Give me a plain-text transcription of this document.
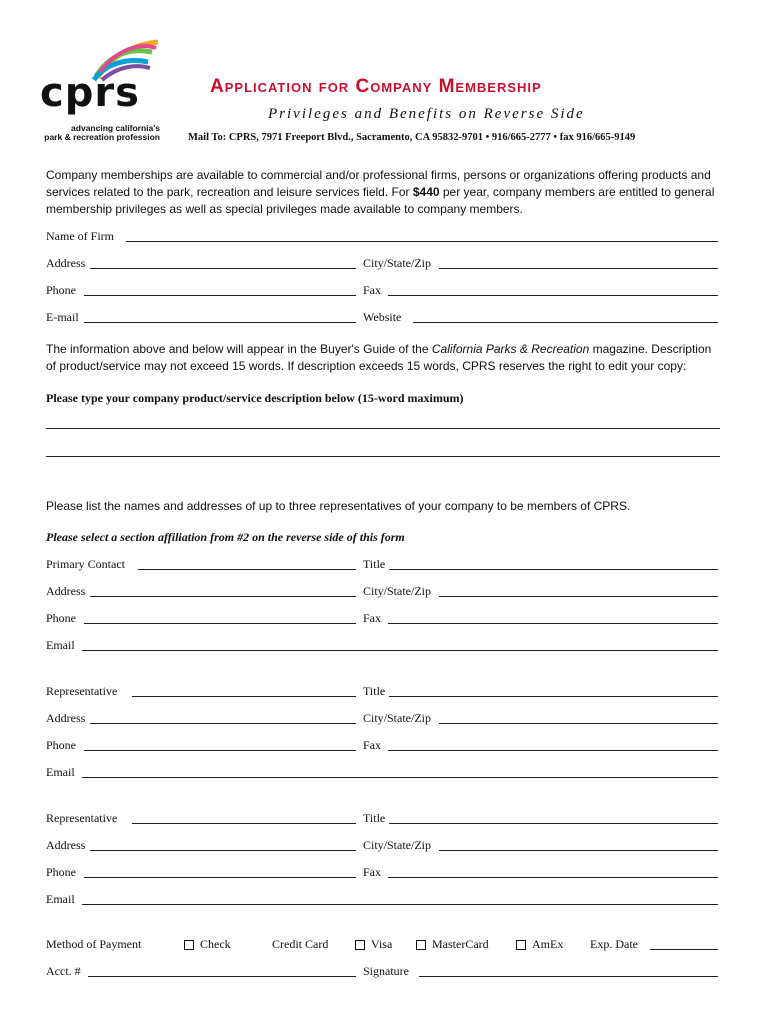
cprs
advancing california's
park & recreation profession
Application for Company Membership
Privileges and Benefits on Reverse Side
Mail To: CPRS, 7971 Freeport Blvd., Sacramento, CA 95832-9701 • 916/665-2777 • fax 916/665-9149
Company memberships are available to commercial and/or professional firms, persons or organizations offering products and services related to the park, recreation and leisure services field. For $440 per year, company members are entitled to general membership privileges as well as special privileges made available to company members.
Name of Firm
Address	City/State/Zip
Phone	Fax
E-mail	Website
The information above and below will appear in the Buyer's Guide of the California Parks & Recreation magazine. Description of product/service may not exceed 15 words. If description exceeds 15 words, CPRS reserves the right to edit your copy:
Please type your company product/service description below (15-word maximum)
Please list the names and addresses of up to three representatives of your company to be members of CPRS.
Please select a section affiliation from #2 on the reverse side of this form
Primary Contact	Title
Address	City/State/Zip
Phone	Fax
Email
Representative	Title
Address	City/State/Zip
Phone	Fax
Email
Representative	Title
Address	City/State/Zip
Phone	Fax
Email
Method of Payment	Check	Credit Card	Visa	MasterCard	AmEx Exp. Date
Acct. #	Signature
